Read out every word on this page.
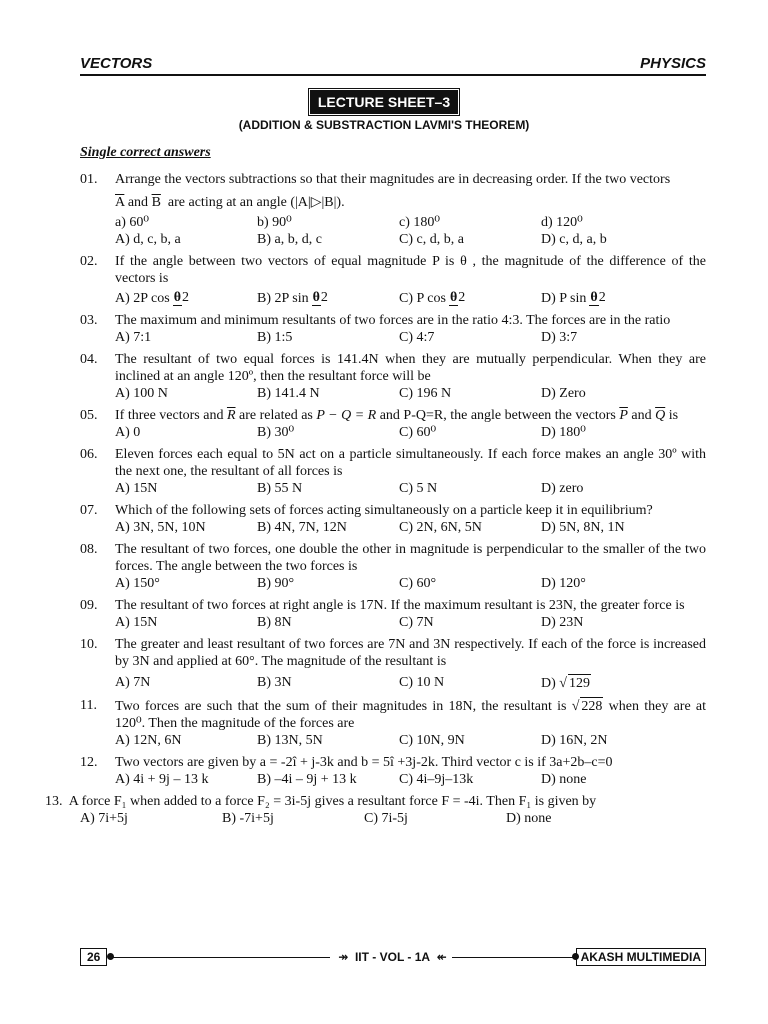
VECTORS	PHYSICS
LECTURE SHEET–3
(ADDITION & SUBSTRACTION LAVMI'S THEOREM)
Single correct answers
01.	Arrange the vectors subtractions so that their magnitudes are in decreasing order. If the two vectors
$\overline{A}$ and $\overline{B}$ are acting at an angle (|A|▷|B|).
a) 60⁰	b) 90⁰	c) 180⁰	d) 120⁰
A) d, c, b, a	B) a, b, d, c	C) c, d, b, a	D) c, d, a, b
02.	If the angle between two vectors of equal magnitude P is θ , the magnitude of the difference of the vectors is
A) 2P cos θ2	B) 2P sin θ2	C) P cos θ2	D) P sin θ2
03.	The maximum and minimum resultants of two forces are in the ratio 4:3. The forces are in the ratio
A) 7:1	B) 1:5	C) 4:7	D) 3:7
04.	The resultant of two equal forces is 141.4N when they are mutually perpendicular. When they are inclined at an angle 120º, then the resultant force will be
A) 100 N	B) 141.4 N	C) 196 N	D) Zero
05.	If three vectors and $\overline{R}$ are related as P − Q = R and P-Q=R, the angle between the vectors $\overline{P}$ and $\overline{Q}$ is
A) 0	B) 30⁰	C) 60⁰	D) 180⁰
06.	Eleven forces each equal to 5N act on a particle simultaneously. If each force makes an angle 30º with the next one, the resultant of all forces is
A) 15N	B) 55 N	C) 5 N	D) zero
07.	Which of the following sets of forces acting simultaneously on a particle keep it in equilibrium?
A) 3N, 5N, 10N	B) 4N, 7N, 12N	C) 2N, 6N, 5N	D) 5N, 8N, 1N
08.	The resultant of two forces, one double the other in magnitude is perpendicular to the smaller of the two forces. The angle between the two forces is
A) 150°	B) 90°	C) 60°	D) 120°
09.	The resultant of two forces at right angle is 17N. If the maximum resultant is 23N, the greater force is
A) 15N	B) 8N	C) 7N	D) 23N
10.	The greater and least resultant of two forces are 7N and 3N respectively. If each of the force is increased by 3N and applied at 60°. The magnitude of the resultant is
A) 7N	B) 3N	C) 10 N	D) √ 129
11.	Two forces are such that the sum of their magnitudes in 18N, the resultant is √ 228 when they are at 120⁰. Then the magnitude of the forces are
A) 12N, 6N	B) 13N, 5N	C) 10N, 9N	D) 16N, 2N
12.	Two vectors are given by a = -2î + j-3k and b = 5î +3j-2k. Third vector c is if 3a+2b–c=0
A) 4i + 9j – 13 k	B) –4i – 9j + 13 k	C) 4i–9j–13k	D) none
13. A force F₁ when added to a force F₂ = 3i-5j gives a resultant force F = -4i. Then F₁ is given by
A) 7i+5j	B) -7i+5j	C) 7i-5j	D) none
26	↠ IIT - VOL - 1A ↞	AKASH MULTIMEDIA
